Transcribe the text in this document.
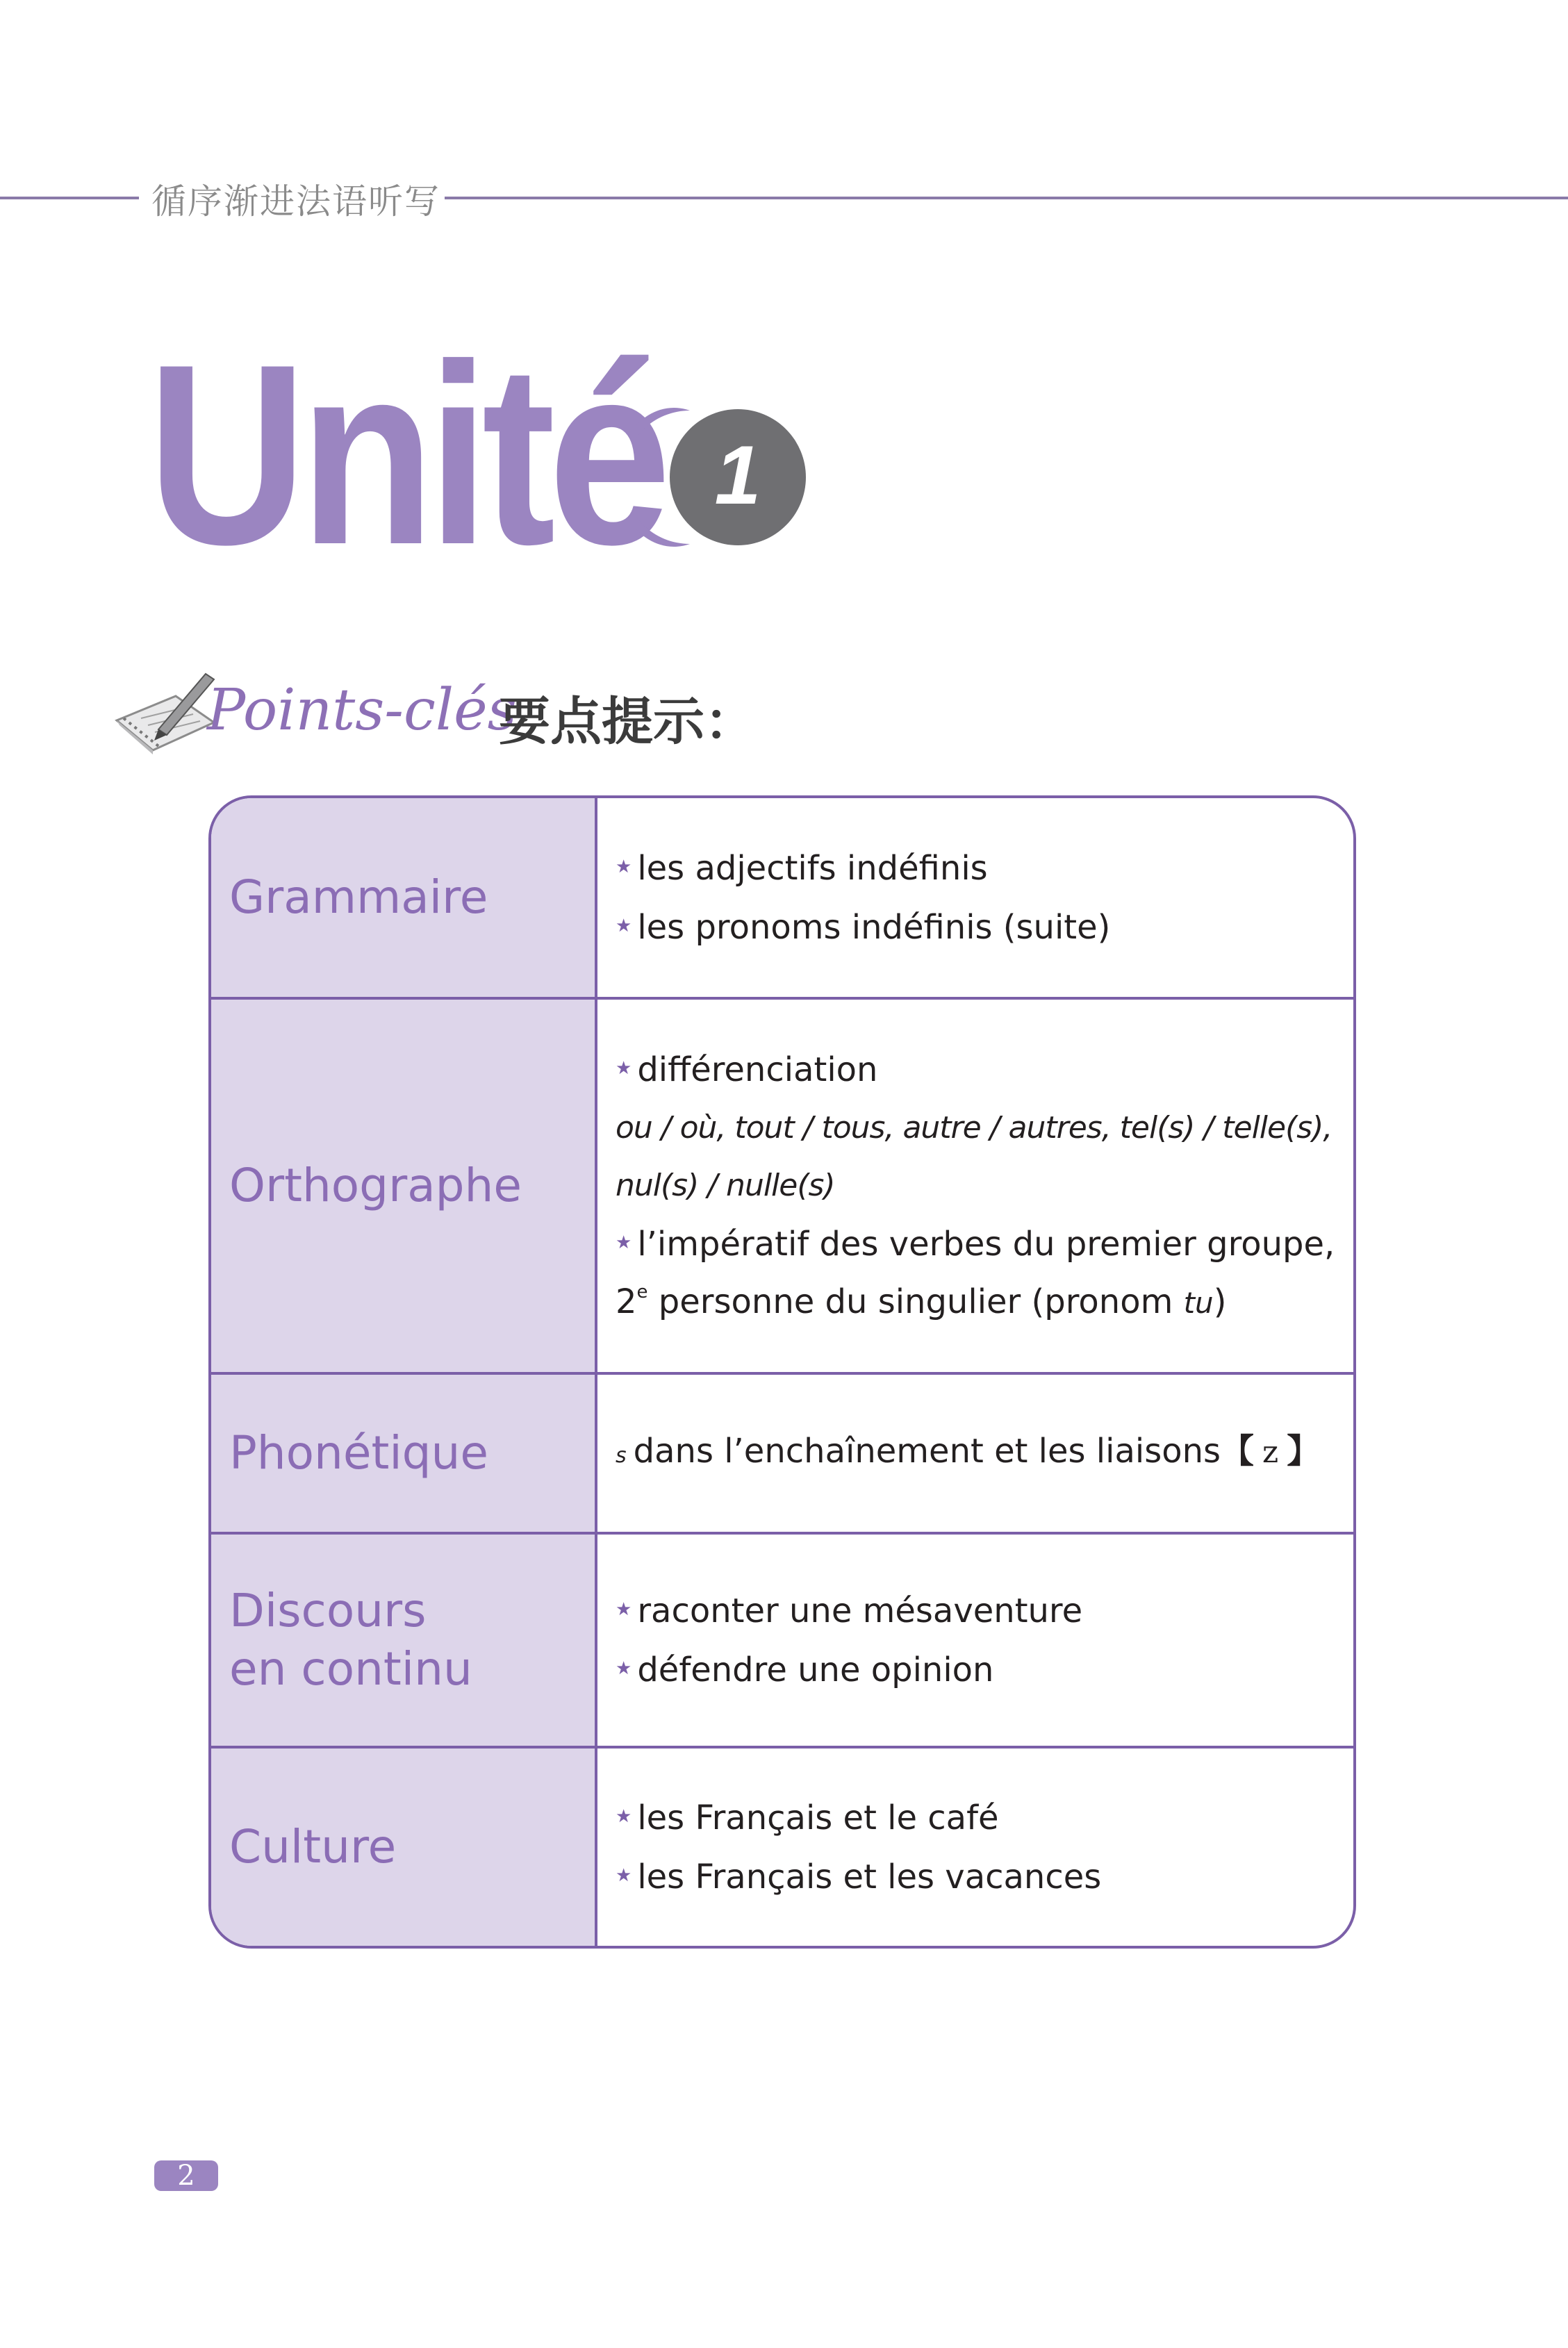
循序渐进法语听写
Unité 1
Points-clés
要点提示：
Grammaire
★ les adjectifs indéfinis
★ les pronoms indéfinis (suite)
Orthographe
★ différenciation
ou / où, tout / tous, autre / autres, tel(s) / telle(s),
nul(s) / nulle(s)
★ l’impératif des verbes du premier groupe,
2e personne du singulier (pronom tu)
Phonétique	s dans l’enchaînement et les liaisons【 z 】
Discours en continu
★ raconter une mésaventure
★ défendre une opinion
Culture
★ les Français et le café
★ les Français et les vacances
2
